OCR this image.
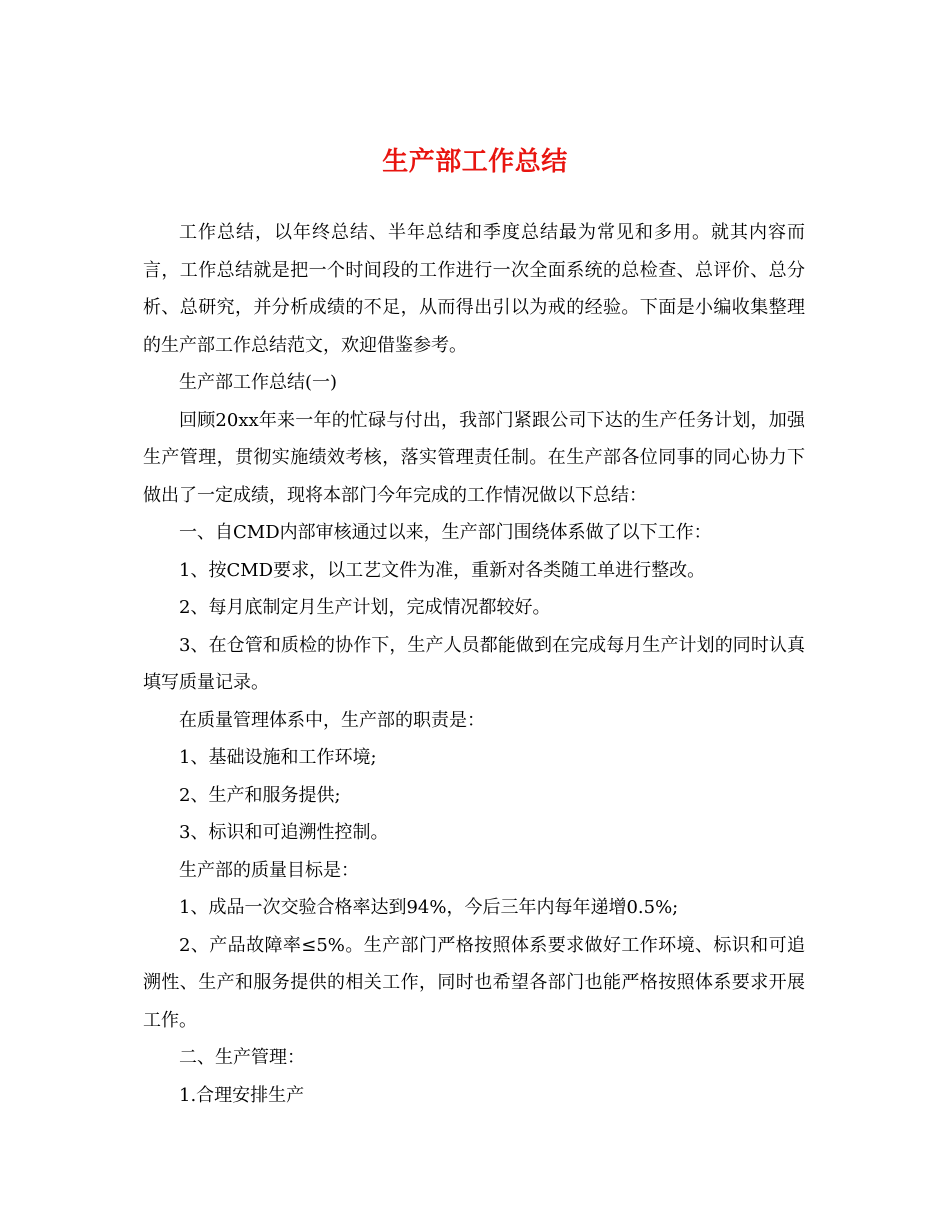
生产部工作总结

工作总结，以年终总结、半年总结和季度总结最为常见和多用。就其内容而言，工作总结就是把一个时间段的工作进行一次全面系统的总检查、总评价、总分析、总研究，并分析成绩的不足，从而得出引以为戒的经验。下面是小编收集整理的生产部工作总结范文，欢迎借鉴参考。

生产部工作总结(一)

回顾20xx年来一年的忙碌与付出，我部门紧跟公司下达的生产任务计划，加强生产管理，贯彻实施绩效考核，落实管理责任制。在生产部各位同事的同心协力下做出了一定成绩，现将本部门今年完成的工作情况做以下总结：

一、自CMD内部审核通过以来，生产部门围绕体系做了以下工作：

1、按CMD要求，以工艺文件为准，重新对各类随工单进行整改。

2、每月底制定月生产计划，完成情况都较好。

3、在仓管和质检的协作下，生产人员都能做到在完成每月生产计划的同时认真填写质量记录。

在质量管理体系中，生产部的职责是：

1、基础设施和工作环境;

2、生产和服务提供;

3、标识和可追溯性控制。

生产部的质量目标是：

1、成品一次交验合格率达到94%，今后三年内每年递增0.5%;

2、产品故障率≤5%。生产部门严格按照体系要求做好工作环境、标识和可追溯性、生产和服务提供的相关工作，同时也希望各部门也能严格按照体系要求开展工作。

二、生产管理：

1.合理安排生产
